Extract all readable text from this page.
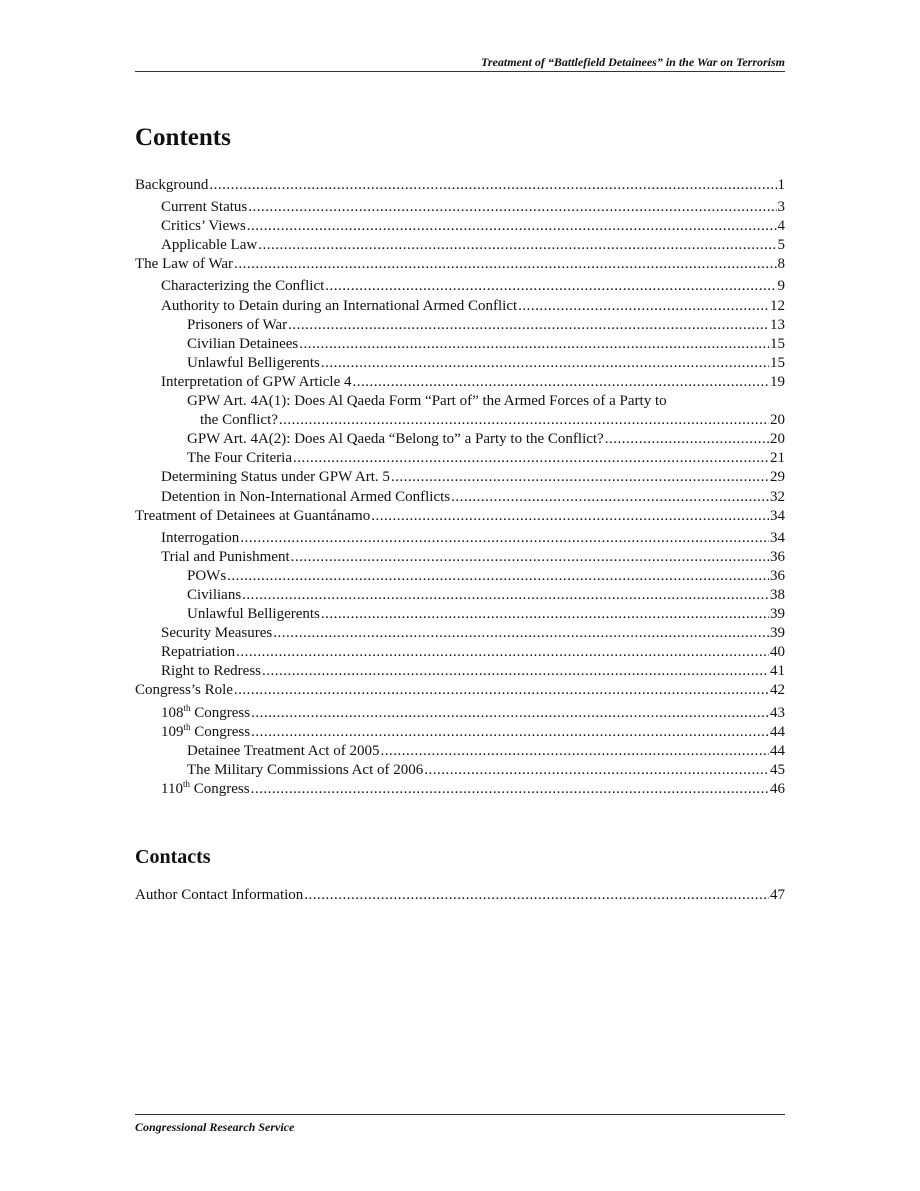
Treatment of “Battlefield Detainees” in the War on Terrorism
Contents
Background .....	1
Current Status .....	3
Critics’ Views .....	4
Applicable Law .....	5
The Law of War .....	8
Characterizing the Conflict .....	9
Authority to Detain during an International Armed Conflict .....	12
Prisoners of War .....	13
Civilian Detainees .....	15
Unlawful Belligerents .....	15
Interpretation of GPW Article 4 .....	19
GPW Art. 4A(1): Does Al Qaeda Form “Part of” the Armed Forces of a Party to
the Conflict? .....	20
GPW Art. 4A(2): Does Al Qaeda “Belong to” a Party to the Conflict? .....	20
The Four Criteria .....	21
Determining Status under GPW Art. 5 .....	29
Detention in Non-International Armed Conflicts .....	32
Treatment of Detainees at Guantánamo .....	34
Interrogation .....	34
Trial and Punishment .....	36
POWs .....	36
Civilians .....	38
Unlawful Belligerents .....	39
Security Measures .....	39
Repatriation .....	40
Right to Redress .....	41
Congress’s Role .....	42
108th Congress .....	43
109th Congress .....	44
Detainee Treatment Act of 2005 .....	44
The Military Commissions Act of 2006 .....	45
110th Congress .....	46
Contacts
Author Contact Information .....	47
Congressional Research Service
